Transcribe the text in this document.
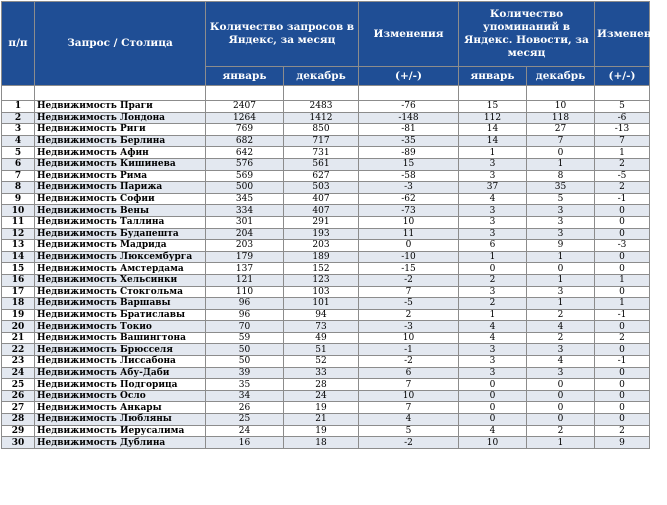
п/п	Запрос / Столица	Количество запросов в Яндекс, за месяц		Изменения	Количество упоминаний в Яндекс. Новости, за месяц		Изменения
		январь	декабрь	(+/-)	январь	декабрь	(+/-)

1	Недвижимость Праги	2407	2483	-76	15	10	5
2	Недвижимость Лондона	1264	1412	-148	112	118	-6
3	Недвижимость Риги	769	850	-81	14	27	-13
4	Недвижимость Берлина	682	717	-35	14	7	7
5	Недвижимость Афин	642	731	-89	1	0	1
6	Недвижимость Кишинева	576	561	15	3	1	2
7	Недвижимость Рима	569	627	-58	3	8	-5
8	Недвижимость Парижа	500	503	-3	37	35	2
9	Недвижимость Софии	345	407	-62	4	5	-1
10	Недвижимость Вены	334	407	-73	3	3	0
11	Недвижимость Таллина	301	291	10	3	3	0
12	Недвижимость Будапешта	204	193	11	3	3	0
13	Недвижимость Мадрида	203	203	0	6	9	-3
14	Недвижимость Люксембурга	179	189	-10	1	1	0
15	Недвижимость Амстердама	137	152	-15	0	0	0
16	Недвижимость Хельсинки	121	123	-2	2	1	1
17	Недвижимость Стокгольма	110	103	7	3	3	0
18	Недвижимость Варшавы	96	101	-5	2	1	1
19	Недвижимость Братиславы	96	94	2	1	2	-1
20	Недвижимость Токио	70	73	-3	4	4	0
21	Недвижимость Вашингтона	59	49	10	4	2	2
22	Недвижимость Брюсселя	50	51	-1	3	3	0
23	Недвижимость Лиссабона	50	52	-2	3	4	-1
24	Недвижимость Абу-Даби	39	33	6	3	3	0
25	Недвижимость Подгорица	35	28	7	0	0	0
26	Недвижимость Осло	34	24	10	0	0	0
27	Недвижимость Анкары	26	19	7	0	0	0
28	Недвижимость Любляны	25	21	4	0	0	0
29	Недвижимость Иерусалима	24	19	5	4	2	2
30	Недвижимость Дублина	16	18	-2	10	1	9
